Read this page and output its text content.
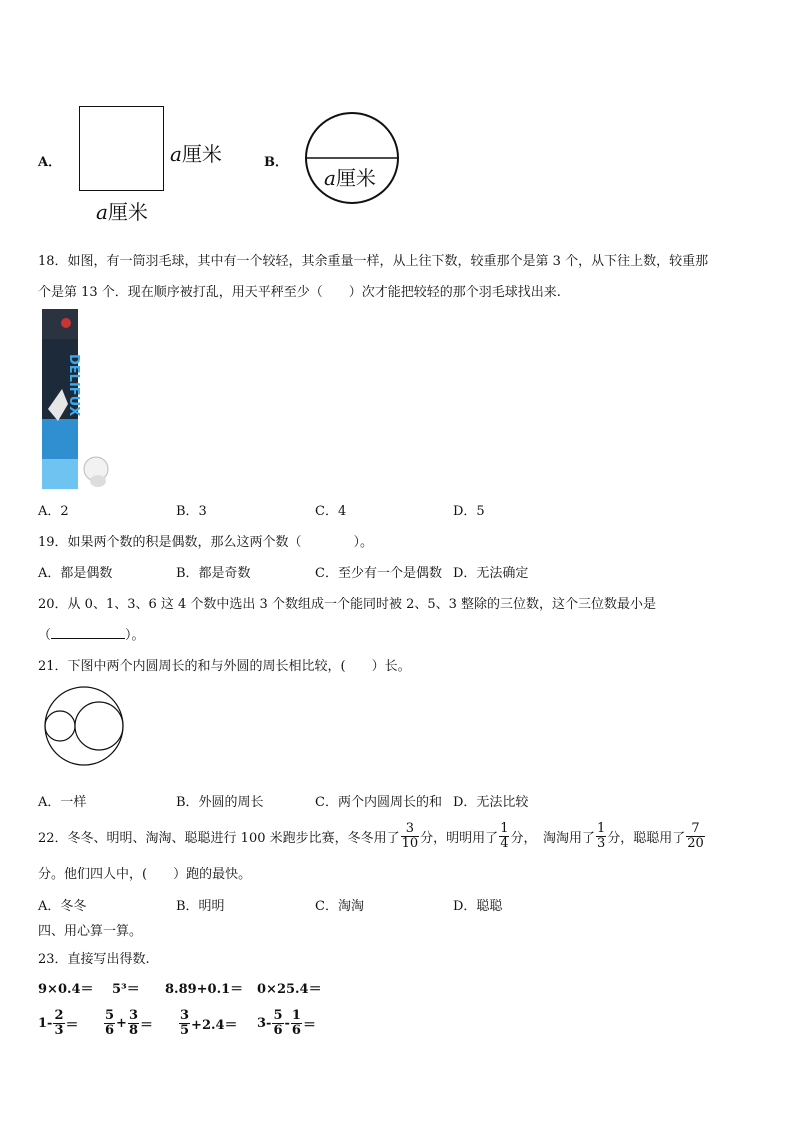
A．	a厘米
a厘米
B．
a厘米
18．如图，有一筒羽毛球，其中有一个较轻，其余重量一样，从上往下数，较重那个是第 3 个，从下往上数，较重那
个是第 13 个．现在顺序被打乱，用天平秤至少（　　）次才能把较轻的那个羽毛球找出来.
DELIFUX
A．2	B．3	C．4	D．5
19．如果两个数的积是偶数，那么这两个数（　　　　）。
A．都是偶数	B．都是奇数	C．至少有一个是偶数 D．无法确定
20．从 0、1、3、6 这 4 个数中选出 3 个数组成一个能同时被 2、5、3 整除的三位数，这个三位数最小是
（	）。
21．下图中两个内圆周长的和与外圆的周长相比较，(　　）长。
A．一样	B．外圆的周长	C．两个内圆周长的和 D．无法比较
22．冬冬、明明、淘淘、聪聪进行 100 米跑步比赛，冬冬用了 $\frac{3}{10}$ 分，明明用了 $\frac{1}{4}$ 分，　淘淘用了 $\frac{1}{3}$ 分，聪聪用了 $\frac{7}{20}$
分。他们四人中，(　　）跑的最快。
A．冬冬	B．明明	C．淘淘	D．聪聪
四、用心算一算。
23．直接写出得数.
9×0.4＝ 5³＝ 8.89+0.1＝ 0×25.4＝
$1- \frac{2}{3} = \frac{5}{6} + \frac{3}{8} = \frac{3}{5} +2.4= 3- \frac{5}{6} - \frac{1}{6}$ ＝
